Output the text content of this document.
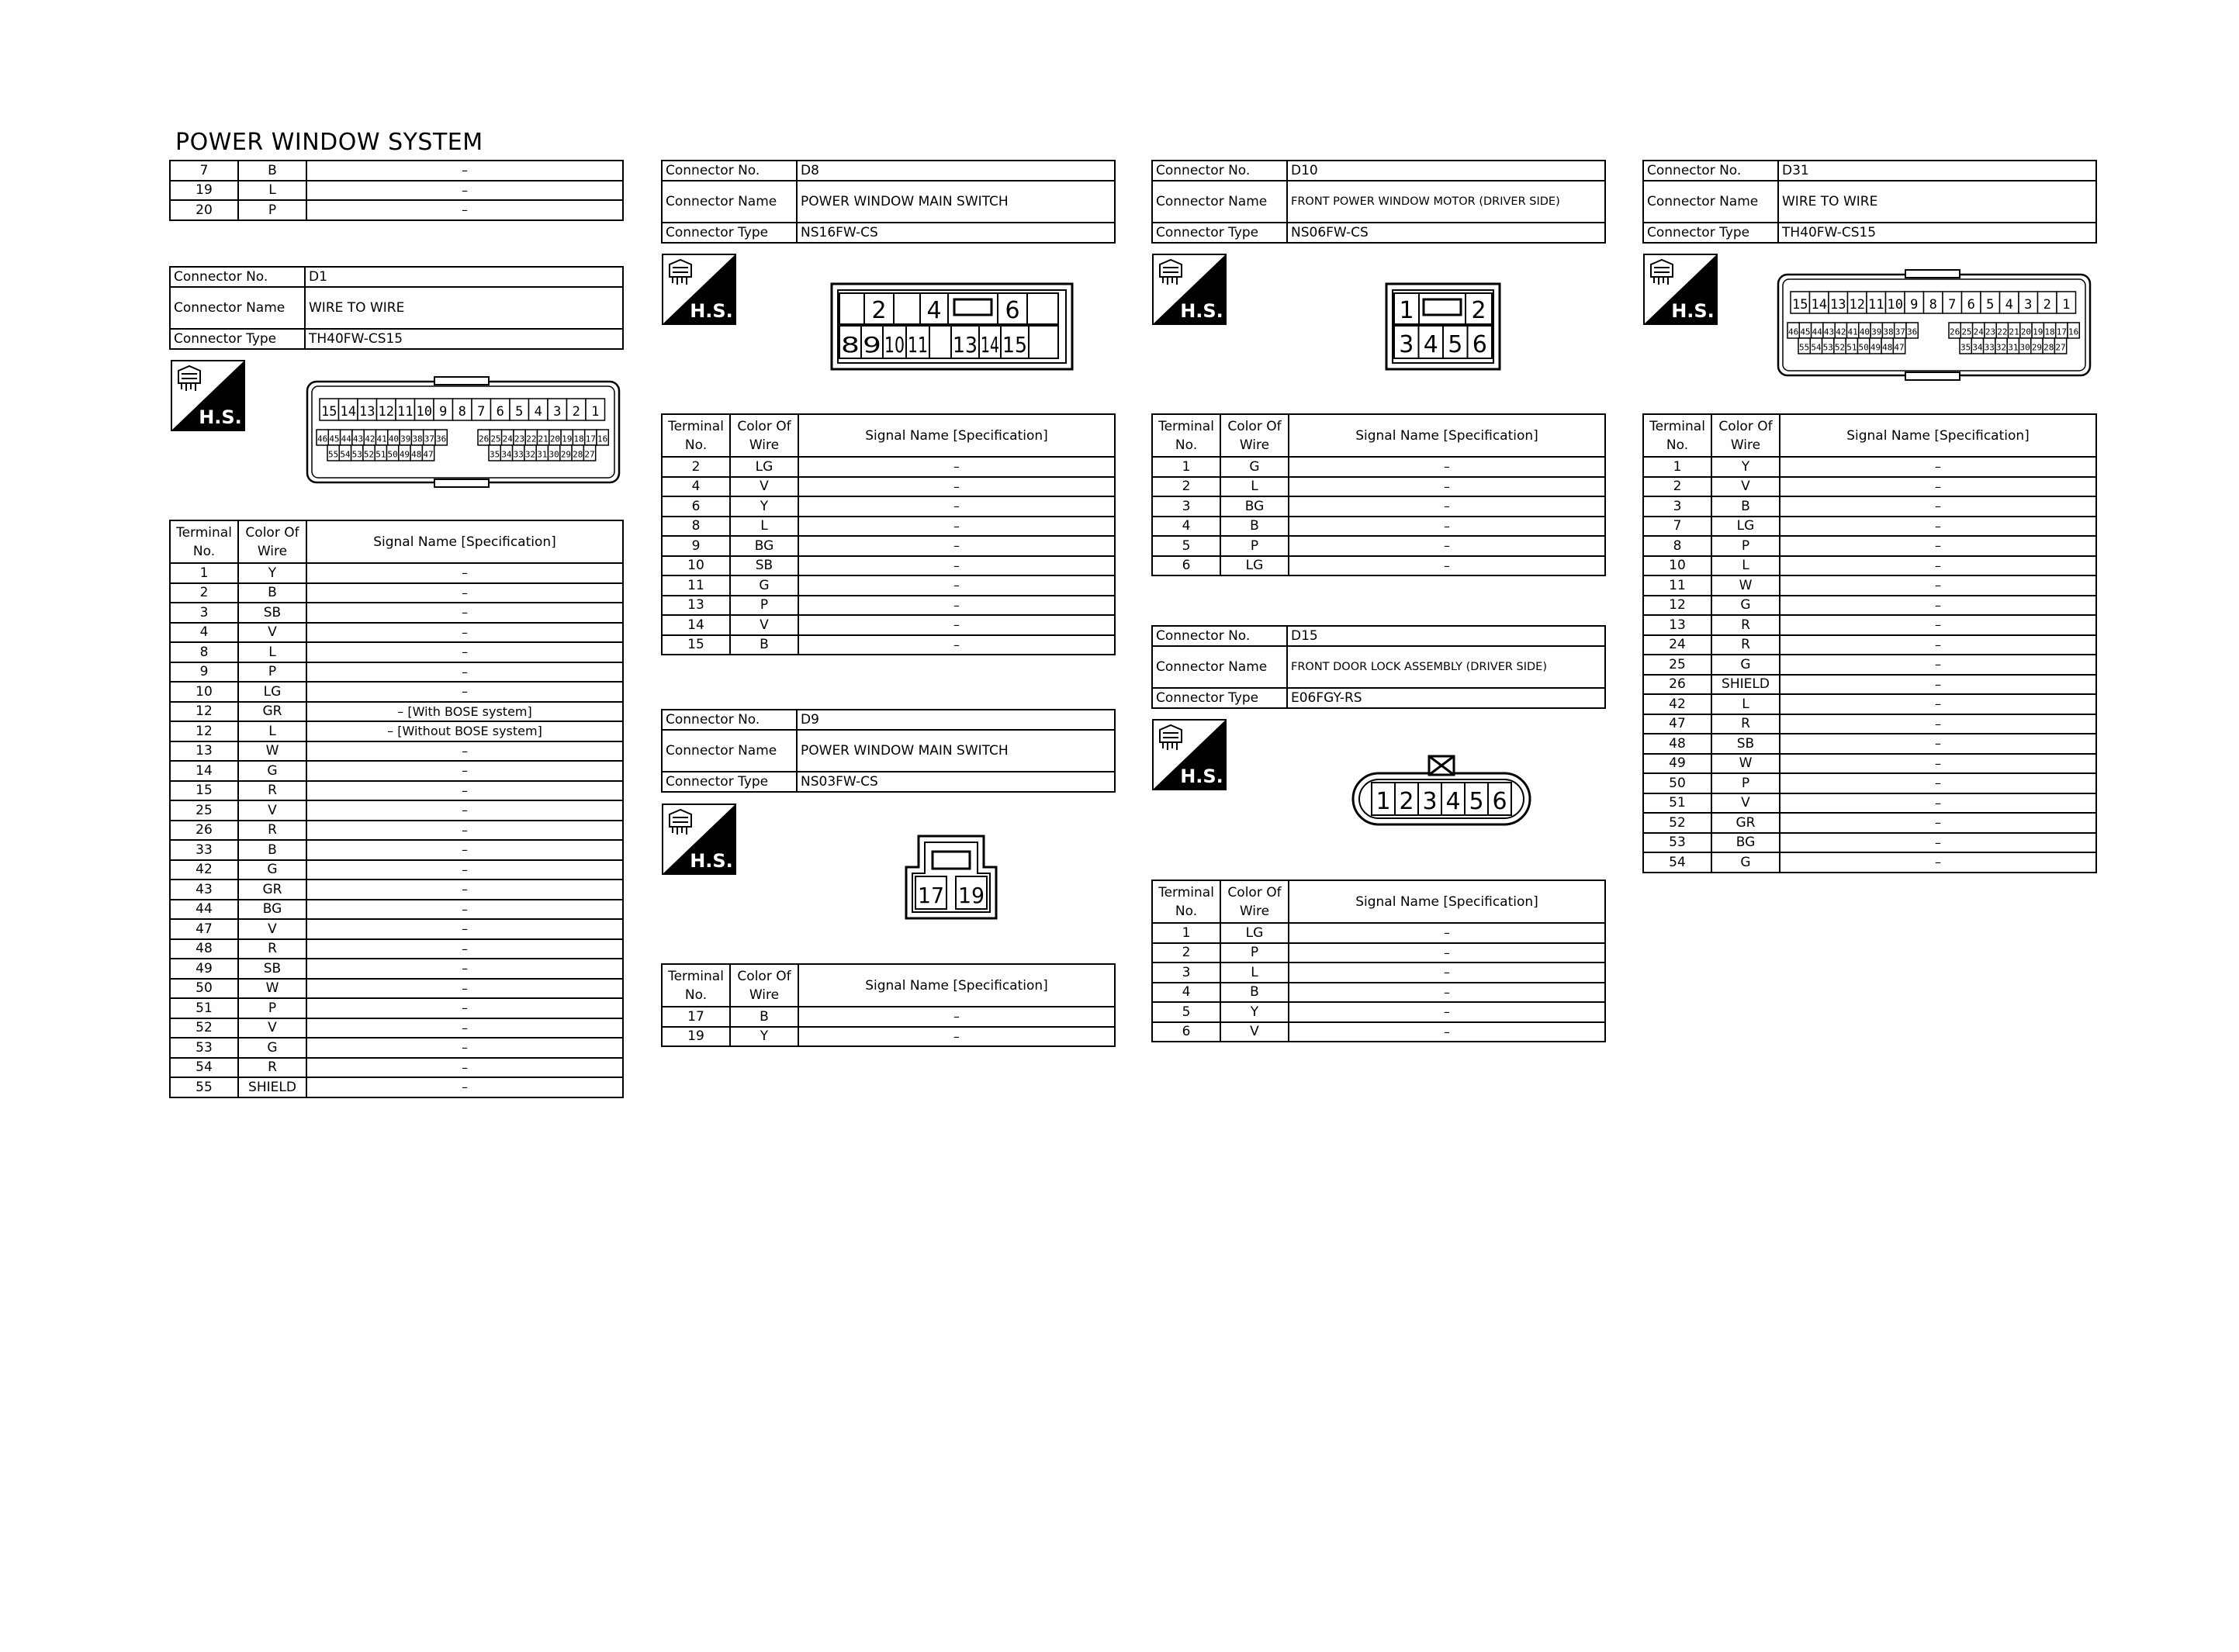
POWER WINDOW SYSTEM
7	B	–
19	L	–
20	P	–
Connector No.	D1
Connector Name	WIRE TO WIRE
Connector Type	TH40FW-CS15
H.S.	15 14 13 12 11 10 9 8 7 6 5 4 3 2 1
46 45 44 43 42 41 40 39 38 37 36	26 25 24 23 22 21 20 19 18 17 16
55 54 53 52 51 50 49 48 47	35 34 33 32 31 30 29 28 27
Terminal No.	Color Of Wire	Signal Name [Specification]
1	Y	–
2	B	–
3	SB	–
4	V	–
8	L	–
9	P	–
10	LG	–
12	GR	– [With BOSE system]
12	L	– [Without BOSE system]
13	W	–
14	G	–
15	R	–
25	V	–
26	R	–
33	B	–
42	G	–
43	GR	–
44	BG	–
47	V	–
48	R	–
49	SB	–
50	W	–
51	P	–
52	V	–
53	G	–
54	R	–
55	SHIELD	–
Connector No.	D8
Connector Name	POWER WINDOW MAIN SWITCH
Connector Type	NS16FW-CS
H.S.	2 4	6
8 9 10 11 13 14 15
Terminal No.	Color Of Wire	Signal Name [Specification]
2	LG	–
4	V	–
6	Y	–
8	L	–
9	BG	–
10	SB	–
11	G	–
13	P	–
14	V	–
15	B	–
Connector No.	D9
Connector Name	POWER WINDOW MAIN SWITCH
Connector Type	NS03FW-CS
H.S.
17 19
Terminal No.	Color Of Wire	Signal Name [Specification]
17	B	–
19	Y	–
Connector No.	D10
Connector Name	FRONT POWER WINDOW MOTOR (DRIVER SIDE)
Connector Type	NS06FW-CS
H.S.	1 2
3 4 5 6
Terminal No.	Color Of Wire	Signal Name [Specification]
1	G	–
2	L	–
3	BG	–
4	B	–
5	P	–
6	LG	–
Connector No.	D15
Connector Name	FRONT DOOR LOCK ASSEMBLY (DRIVER SIDE)
Connector Type	E06FGY-RS
H.S.
1 2 3 4 5 6
Terminal No.	Color Of Wire	Signal Name [Specification]
1	LG	–
2	P	–
3	L	–
4	B	–
5	Y	–
6	V	–
Connector No.	D31
Connector Name	WIRE TO WIRE
Connector Type	TH40FW-CS15
H.S.	15 14 13 12 11 10 9 8 7 6 5 4 3 2 1
46 45 44 43 42 41 40 39 38 37 36	26 25 24 23 22 21 20 19 18 17 16
55 54 53 52 51 50 49 48 47	35 34 33 32 31 30 29 28 27
Terminal No.	Color Of Wire	Signal Name [Specification]
1	Y	–
2	V	–
3	B	–
7	LG	–
8	P	–
10	L	–
11	W	–
12	G	–
13	R	–
24	R	–
25	G	–
26	SHIELD	–
42	L	–
47	R	–
48	SB	–
49	W	–
50	P	–
51	V	–
52	GR	–
53	BG	–
54	G	–
